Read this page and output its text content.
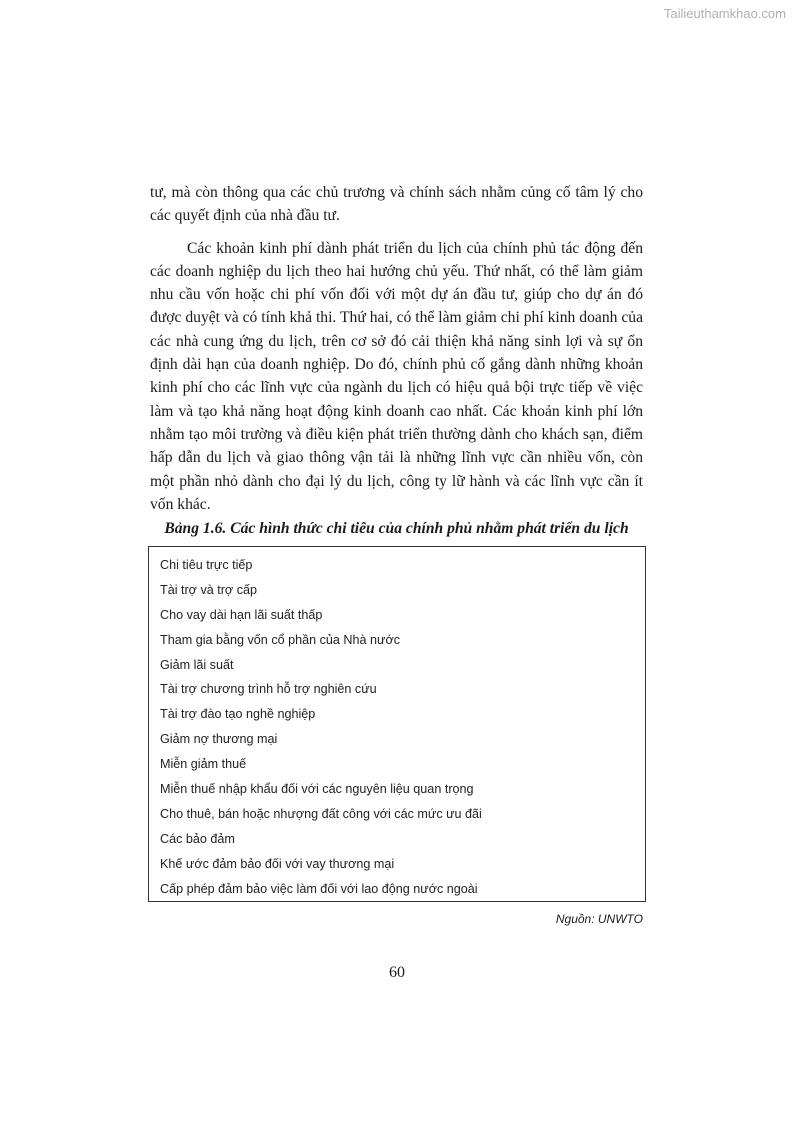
Tailieuthamkhao.com

tư, mà còn thông qua các chủ trương và chính sách nhằm củng cố tâm lý cho các quyết định của nhà đầu tư.

Các khoản kinh phí dành phát triển du lịch của chính phủ tác động đến các doanh nghiệp du lịch theo hai hướng chủ yếu. Thứ nhất, có thể làm giảm nhu cầu vốn hoặc chi phí vốn đối với một dự án đầu tư, giúp cho dự án đó được duyệt và có tính khả thi. Thứ hai, có thể làm giảm chi phí kinh doanh của các nhà cung ứng du lịch, trên cơ sở đó cải thiện khả năng sinh lợi và sự ổn định dài hạn của doanh nghiệp. Do đó, chính phủ cố gắng dành những khoản kinh phí cho các lĩnh vực của ngành du lịch có hiệu quả bội trực tiếp về việc làm và tạo khả năng hoạt động kinh doanh cao nhất. Các khoản kinh phí lớn nhằm tạo môi trường và điều kiện phát triển thường dành cho khách sạn, điểm hấp dẫn du lịch và giao thông vận tải là những lĩnh vực cần nhiều vốn, còn một phần nhỏ dành cho đại lý du lịch, công ty lữ hành và các lĩnh vực cần ít vốn khác.

Bảng 1.6. Các hình thức chi tiêu của chính phủ nhằm phát triển du lịch
Chi tiêu trực tiếp
Tài trợ và trợ cấp
Cho vay dài hạn lãi suất thấp
Tham gia bằng vốn cổ phần của Nhà nước
Giảm lãi suất
Tài trợ chương trình hỗ trợ nghiên cứu
Tài trợ đào tạo nghề nghiệp
Giảm nợ thương mại
Miễn giảm thuế
Miễn thuế nhập khẩu đối với các nguyên liệu quan trọng
Cho thuê, bán hoặc nhượng đất công với các mức ưu đãi
Các bảo đảm
Khế ước đảm bảo đối với vay thương mại
Cấp phép đảm bảo việc làm đối với lao động nước ngoài
Nguồn: UNWTO
60
